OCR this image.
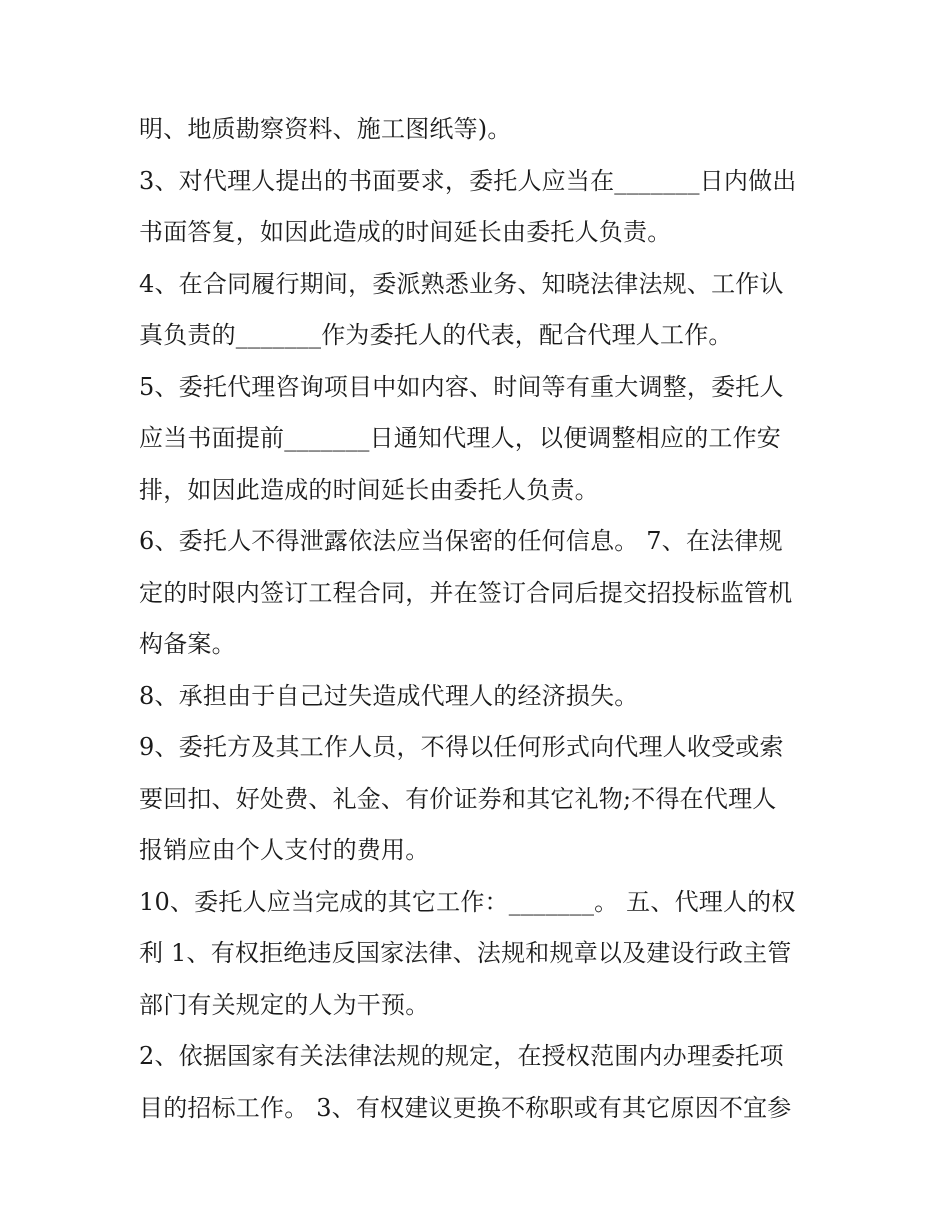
明、地质勘察资料、施工图纸等)。
3、对代理人提出的书面要求，委托人应当在_______日内做出
书面答复，如因此造成的时间延长由委托人负责。
4、在合同履行期间，委派熟悉业务、知晓法律法规、工作认
真负责的_______作为委托人的代表，配合代理人工作。
5、委托代理咨询项目中如内容、时间等有重大调整，委托人
应当书面提前_______日通知代理人，以便调整相应的工作安
排，如因此造成的时间延长由委托人负责。
6、委托人不得泄露依法应当保密的任何信息。 7、在法律规
定的时限内签订工程合同，并在签订合同后提交招投标监管机
构备案。
8、承担由于自己过失造成代理人的经济损失。
9、委托方及其工作人员，不得以任何形式向代理人收受或索
要回扣、好处费、礼金、有价证券和其它礼物;不得在代理人
报销应由个人支付的费用。
10、委托人应当完成的其它工作：_______。 五、代理人的权
利 1、有权拒绝违反国家法律、法规和规章以及建设行政主管
部门有关规定的人为干预。
2、依据国家有关法律法规的规定，在授权范围内办理委托项
目的招标工作。 3、有权建议更换不称职或有其它原因不宜参
